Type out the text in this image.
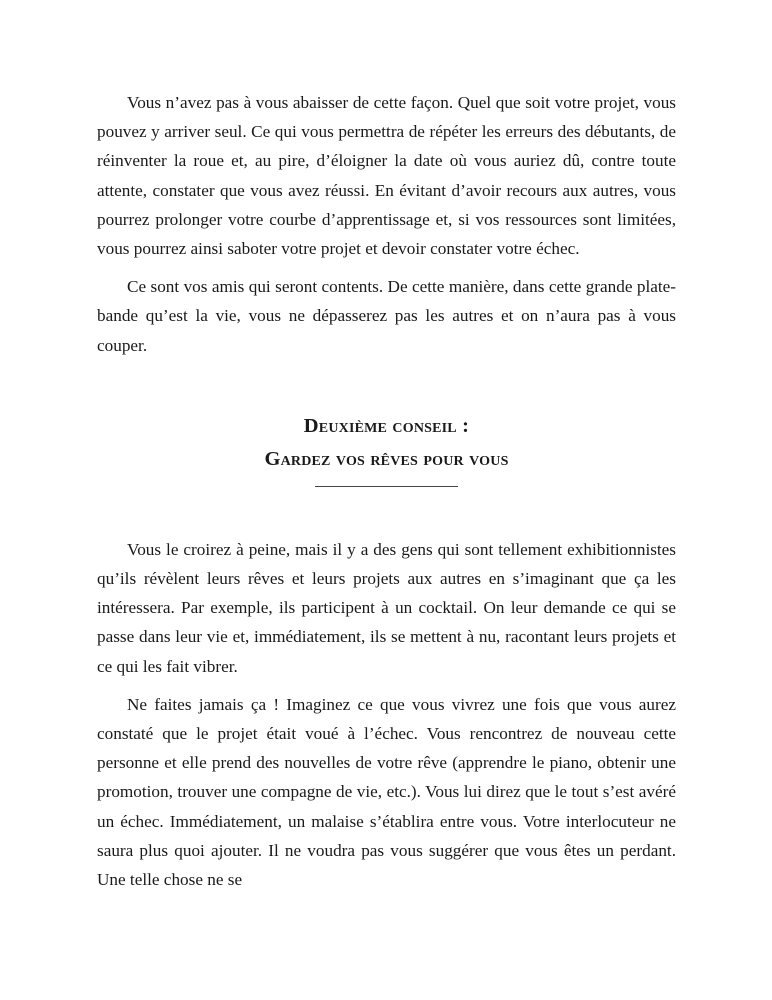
Vous n’avez pas à vous abaisser de cette façon. Quel que soit votre projet, vous pouvez y arriver seul. Ce qui vous permettra de répéter les erreurs des débutants, de réinventer la roue et, au pire, d’éloigner la date où vous auriez dû, contre toute attente, constater que vous avez réussi. En évitant d’avoir recours aux autres, vous pourrez prolonger votre courbe d’apprentissage et, si vos ressources sont limitées, vous pourrez ainsi saboter votre projet et devoir constater votre échec.

Ce sont vos amis qui seront contents. De cette manière, dans cette grande plate-bande qu’est la vie, vous ne dépasserez pas les autres et on n’aura pas à vous couper.

Deuxième conseil :
Gardez vos rêves pour vous

Vous le croirez à peine, mais il y a des gens qui sont tellement exhibitionnistes qu’ils révèlent leurs rêves et leurs projets aux autres en s’imaginant que ça les intéressera. Par exemple, ils participent à un cocktail. On leur demande ce qui se passe dans leur vie et, immédiatement, ils se mettent à nu, racontant leurs projets et ce qui les fait vibrer.

Ne faites jamais ça ! Imaginez ce que vous vivrez une fois que vous aurez constaté que le projet était voué à l’échec. Vous rencontrez de nouveau cette personne et elle prend des nouvelles de votre rêve (apprendre le piano, obtenir une promotion, trouver une compagne de vie, etc.). Vous lui direz que le tout s’est avéré un échec. Immédiatement, un malaise s’établira entre vous. Votre interlocuteur ne saura plus quoi ajouter. Il ne voudra pas vous suggérer que vous êtes un perdant. Une telle chose ne se
